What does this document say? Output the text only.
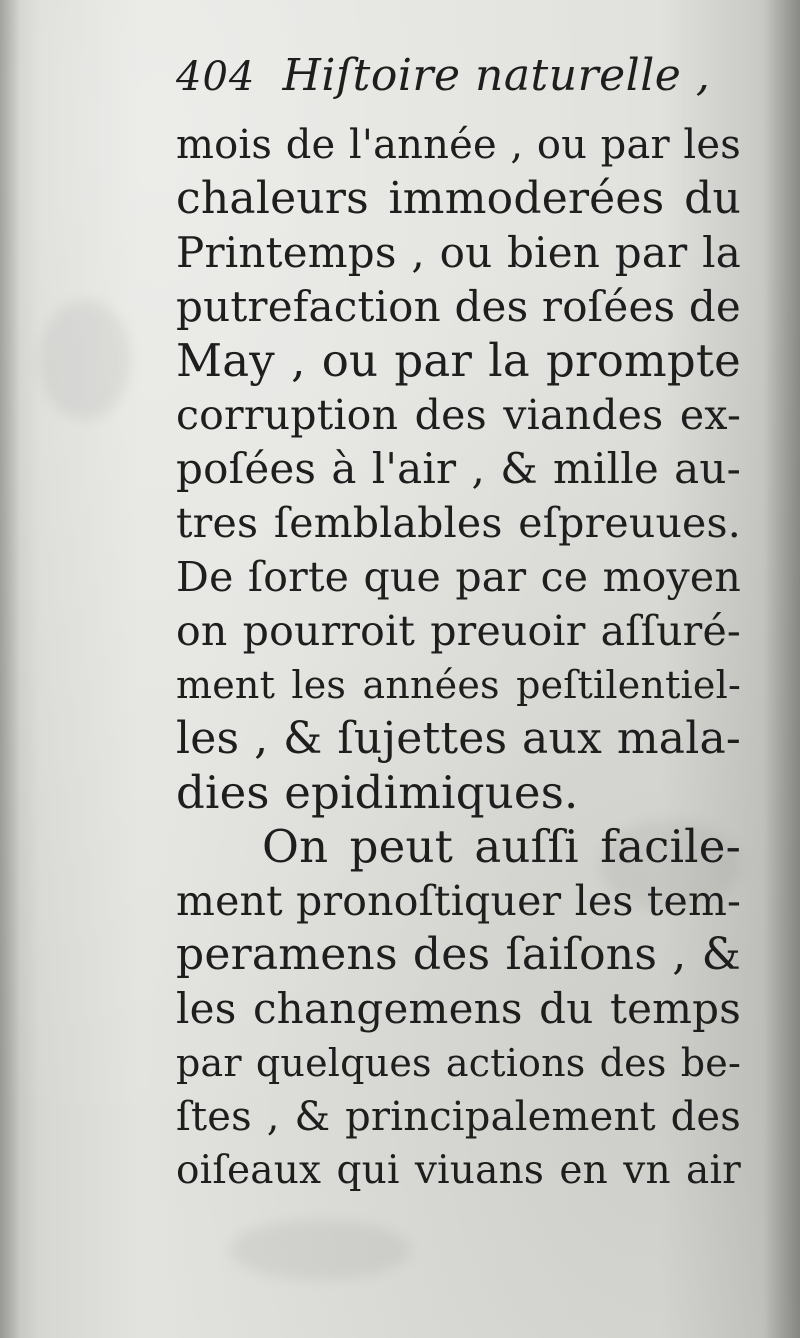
404 Hiſtoire naturelle ,
mois de l'année , ou par les
chaleurs immoderées du
Printemps , ou bien par la
putrefaction des roſées de
May , ou par la prompte
corruption des viandes ex-
poſées à l'air , & mille au-
tres ſemblables eſpreuues.
De ſorte que par ce moyen
on pourroit preuoir aſſuré-
ment les années peſtilentiel-
les , & ſujettes aux mala-
dies epidimiques.
On peut auſſi facile-
ment pronoſtiquer les tem-
peramens des ſaiſons , &
les changemens du temps
par quelques actions des be-
ſtes , & principalement des
oiſeaux qui viuans en vn air
